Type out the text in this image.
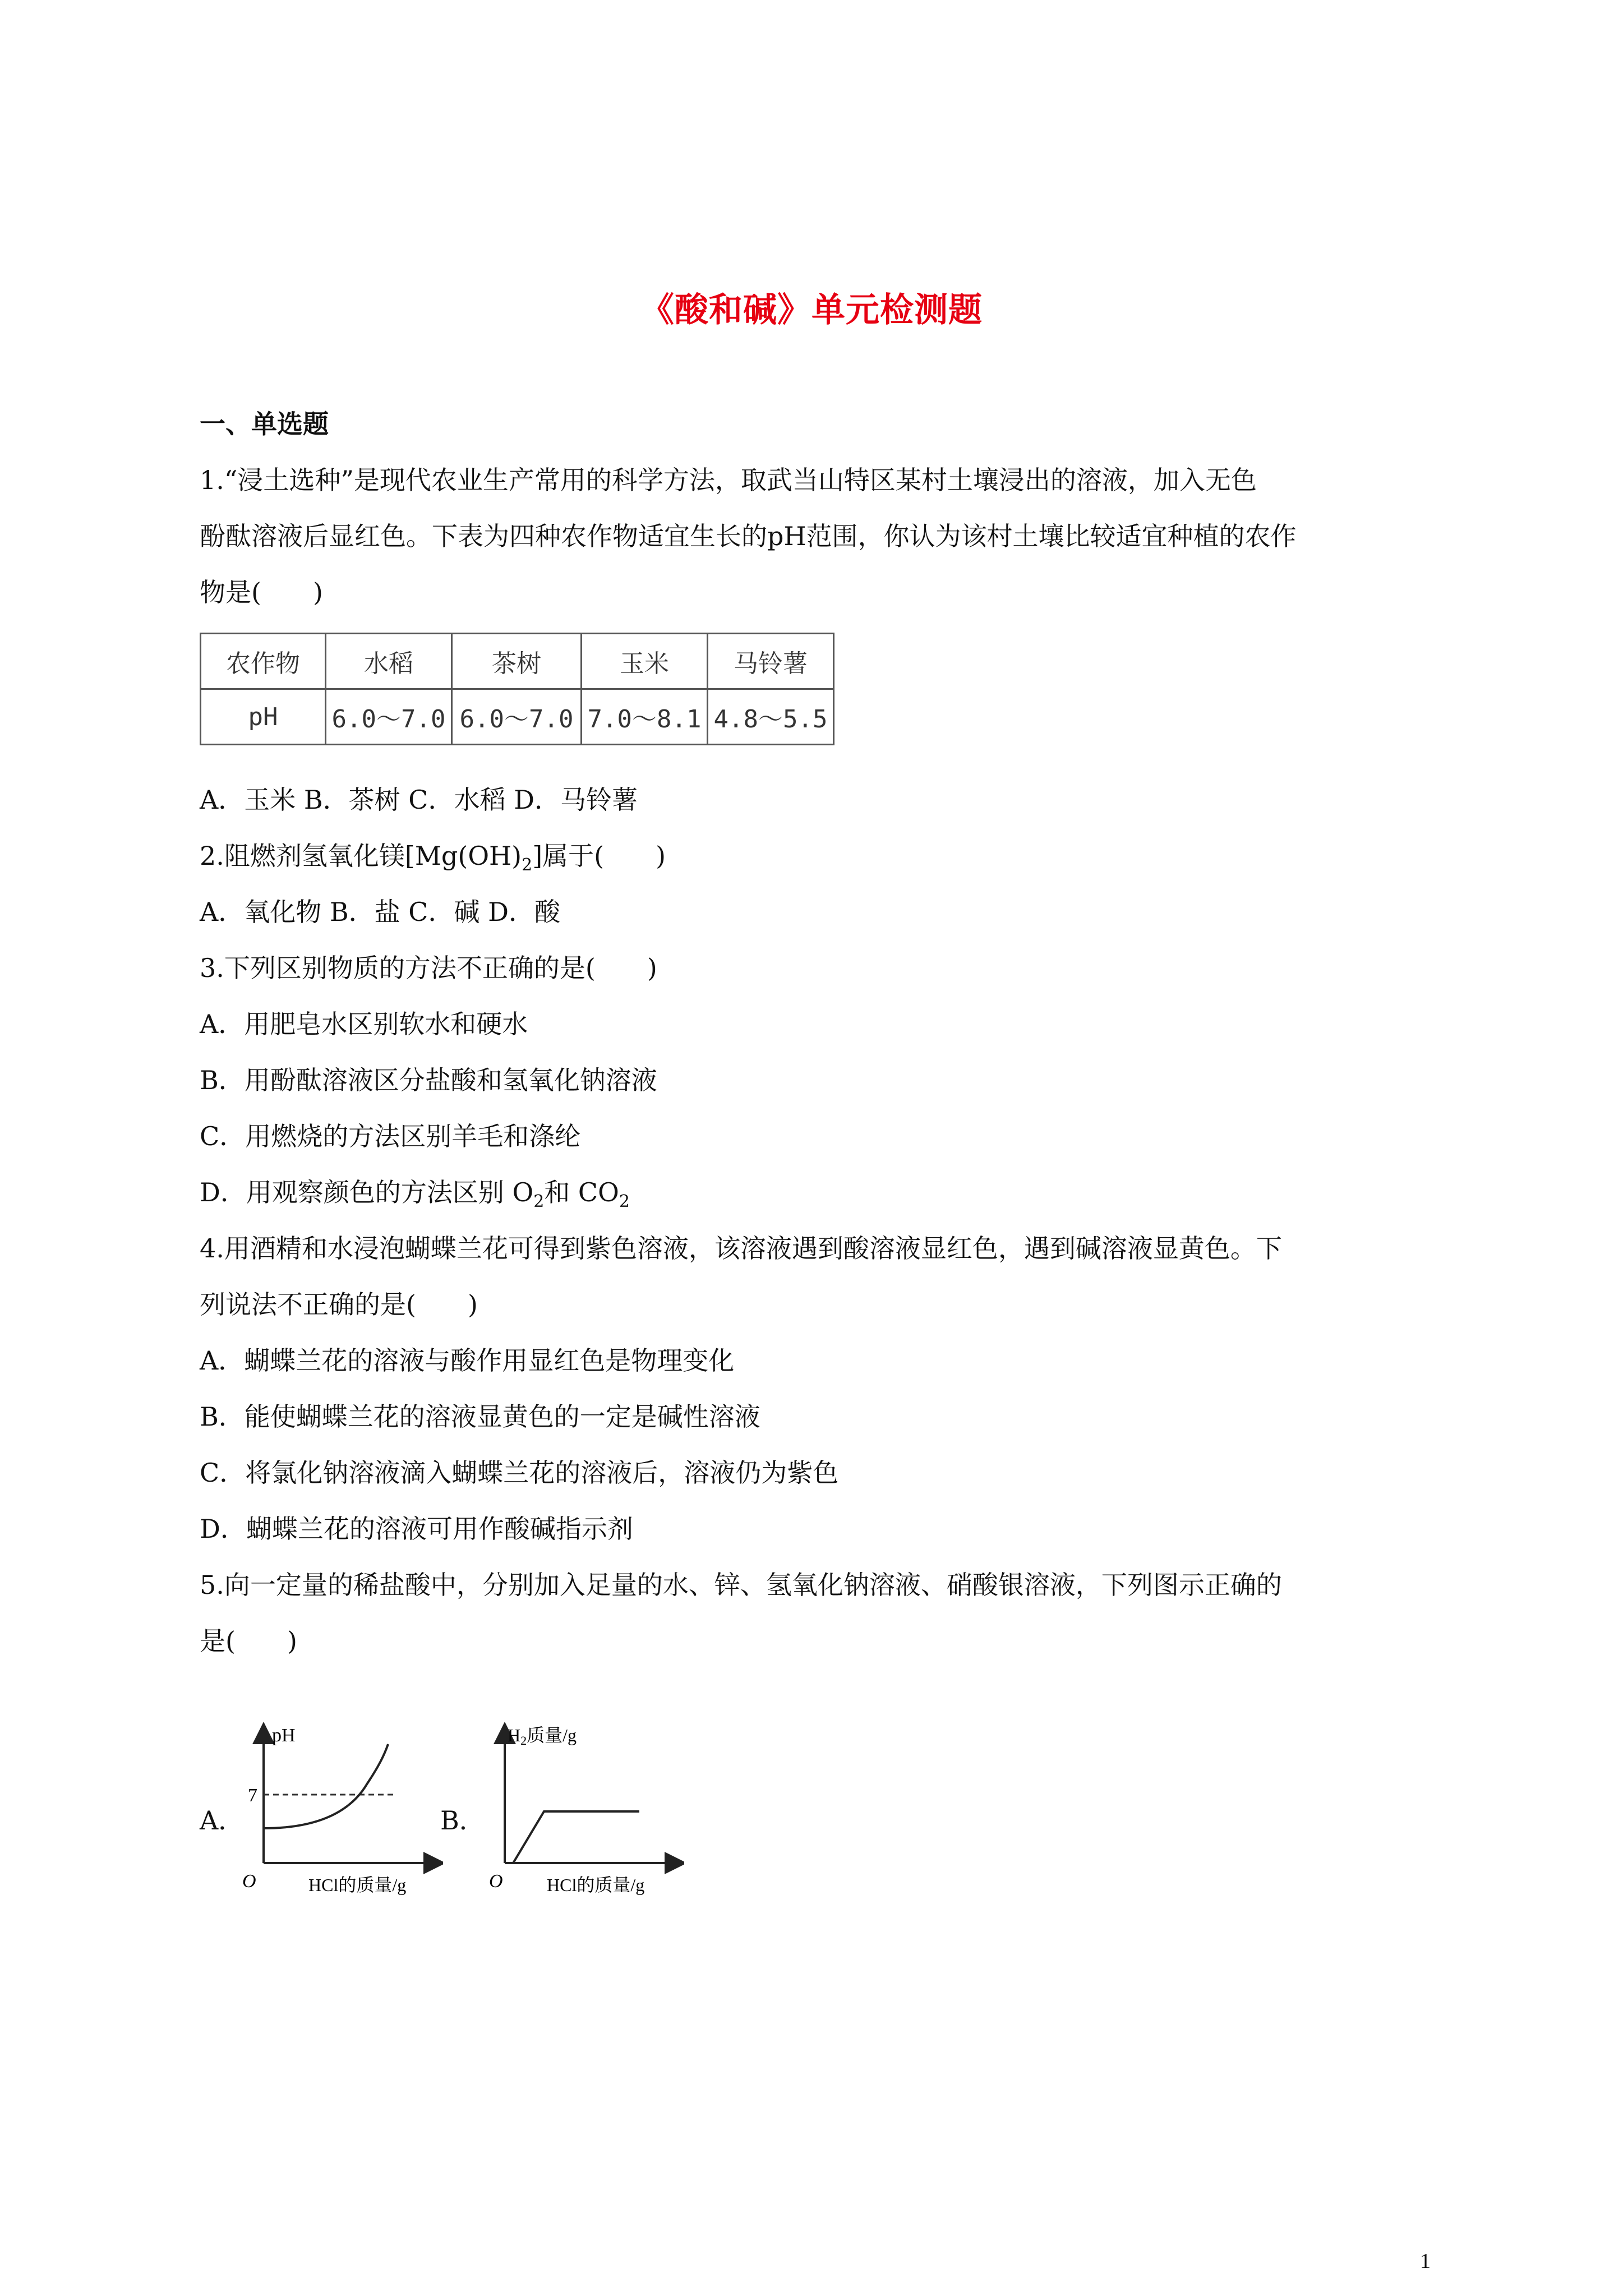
《酸和碱》单元检测题
一、单选题
1.“浸土选种”是现代农业生产常用的科学方法，取武当山特区某村土壤浸出的溶液，加入无色
酚酞溶液后显红色。下表为四种农作物适宜生长的pH范围，你认为该村土壤比较适宜种植的农作
物是(　　)
农作物	水稻	茶树	玉米	马铃薯
pH	6.0～7.0	6.0～7.0	7.0～8.1	4.8～5.5
A．玉米 B．茶树 C．水稻 D．马铃薯
2.阻燃剂氢氧化镁$[Mg(OH)_2]$属于(　　)
A．氧化物 B．盐 C．碱 D．酸
3.下列区别物质的方法不正确的是(　　)
A．用肥皂水区别软水和硬水
B．用酚酞溶液区分盐酸和氢氧化钠溶液
C．用燃烧的方法区别羊毛和涤纶
D．用观察颜色的方法区别 $O_2$和 $CO_2$
4.用酒精和水浸泡蝴蝶兰花可得到紫色溶液，该溶液遇到酸溶液显红色，遇到碱溶液显黄色。下
列说法不正确的是(　　)
A．蝴蝶兰花的溶液与酸作用显红色是物理变化
B．能使蝴蝶兰花的溶液显黄色的一定是碱性溶液
C．将氯化钠溶液滴入蝴蝶兰花的溶液后，溶液仍为紫色
D．蝴蝶兰花的溶液可用作酸碱指示剂
5.向一定量的稀盐酸中，分别加入足量的水、锌、氢氧化钠溶液、硝酸银溶液，下列图示正确的
是(　　)
A．
pH
7
O	HCl的质量/g
B．
H2质量/g
O HCl的质量/g
1
